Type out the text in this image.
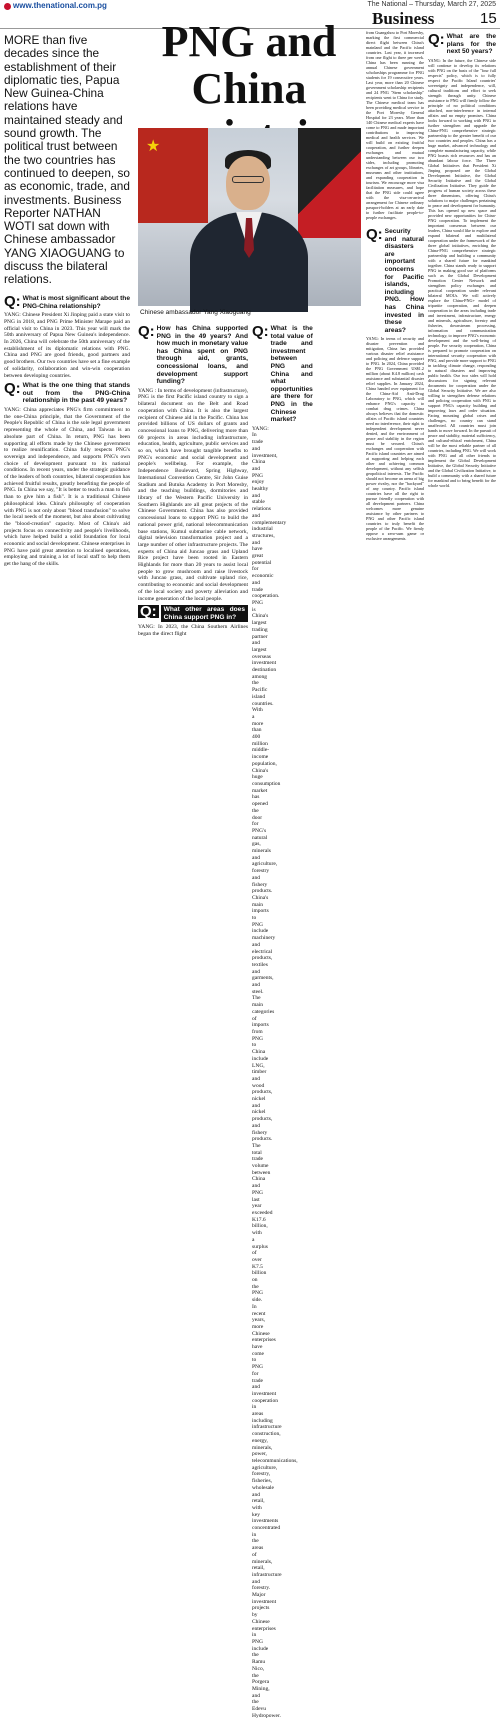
www.thenational.com.pg	The National – Thursday, March 27, 2025
Business	15
PNG and China
MORE than five decades since the establishment of their diplomatic ties, Papua New Guinea-China relations have maintained steady and sound growth. The political trust between the two countries has continued to deepen, so as economic, trade, and investments. Business Reporter NATHAN WOTI sat down with Chinese ambassador YANG XIAOGUANG to discuss the bilateral relations.
★
Chinese ambassador Yang Xiaoguang
Q: What is most significant about the PNG-China relationship?

YANG: Chinese President Xi Jinping paid a state visit to PNG in 2018, and PNG Prime Minister Marape paid an official visit to China in 2023. This year will mark the 50th anniversary of Papua New Guinea's independence. In 2026, China will celebrate the 50th anniversary of the establishment of its diplomatic relations with PNG. China and PNG are good friends, good partners and good brothers. Our two countries have set a fine example of solidarity, collaboration and win-win cooperation between developing countries.

Q: What is the one thing that stands out from the PNG-China relationship in the past 49 years?

YANG: China appreciates PNG's firm commitment to the one-China principle, that the Government of the People's Republic of China is the sole legal government representing the whole of China, and Taiwan is an absolute part of China. In return, PNG has been supporting all efforts made by the Chinese government to realize reunification. China fully respects PNG's sovereign and independence, and supports PNG's own choice of development pursuant to its national conditions. In recent years, under the strategic guidance of the leaders of both countries, bilateral cooperation has achieved fruitful results, greatly benefiting the people of PNG. In China we say, "It is better to teach a man to fish than to give him a fish". It is a traditional Chinese philosophical idea. China's philosophy of cooperation with PNG is not only about "blood transfusion" to solve the local needs of the moment, but also about cultivating the "blood-creation" capacity. Most of China's aid projects focus on connectivity and people's livelihoods, which have helped build a solid foundation for local economic and social development. Chinese enterprises in PNG have paid great attention to localised operations, employing and training a lot of local staff to help them get the hang of the skills.

Q: How has China supported PNG in the 49 years? And how much in monetary value has China spent on PNG through aid, grants, concessional loans, and development support funding?

YANG : In terms of development (infrastructure), PNG is the first Pacific island country to sign a bilateral document on the Belt and Road cooperation with China. It is also the largest recipient of Chinese aid in the Pacific. China has provided billions of US dollars of grants and concessional loans to PNG, delivering more than 60 projects in areas including infrastructure, education, health, agriculture, public services and so on, which have brought tangible benefits to PNG's economic and social development and people's wellbeing. For example, the Independence Boulevard, Spring Highway, International Convention Centre, Sir John Guise Stadium and Butuka Academy in Port Moresby, and the teaching buildings, dormitories and library of the Western Pacific University in Southern Highlands are all great projects of the Chinese Government. China has also provided concessional loans to support PNG to build the national power grid, national telecommunication base stations, Kumul submarine cable network, digital television transformation project and a large number of other infrastructure projects. The experts of China aid Juncao grass and Upland Rice project have been rooted in Eastern Highlands for more than 20 years to assist local people to grow mushroom and raise livestock with Juncao grass, and cultivate upland rice, contributing to economic and social development of the local society and poverty alleviation and income generation of the local people.

Q:	What other areas does China support PNG in?

YANG: In 2023, the China Southern Airlines began the direct flight

Q: What is the total value of trade and investment between PNG and China and what opportunities are there for PNG in the Chinese market?

YANG: In trade and investment, China and PNG enjoy healthy and stable relations and complementary industrial structures, and have great potential for economic and trade cooperation. PNG is China's largest trading partner and largest overseas investment destination among the Pacific island countries. With a more than 400 million middle-income population, China's huge consumption market has opened the door for PNG's natural gas, minerals and agriculture, forestry and fishery products. China's main imports to PNG include machinery and electrical products, textiles and garments, and steel. The main categories of imports from PNG to China include LNG, timber and wood products, nickel and nickel products, and fishery products. The total trade volume between China and PNG last year exceeded K17.6 billion, with a surplus of over K7.5 billion on the PNG side. In recent years, more Chinese enterprises have come to PNG for trade and investment cooperation in areas including infrastructure construction, energy, minerals, power, telecommunications, agriculture, forestry, fisheries, wholesale and retail, with key investments concentrated in the areas of minerals, retail, infrastructure and forestry. Major investment projects by Chinese enterprises in PNG include the Ramu Nico, the Porgera Mining, and the Edevu Hydropower.

from Guangzhou to Port Moresby, marking the first commercial direct flight between China's mainland and the Pacific island countries. Last year, it increased from one flight to three per week. China has been running the annual Chinese government scholarships programme for PNG students for 19 consecutive years. Last year, more than 20 Chinese government scholarship recipients and 24 PNG "Stem scholarship" recipients went to China for study. The Chinese medical team has been providing medical service to the Port Moresby General Hospital for 23 years. More than 140 Chinese medical experts have come to PNG and made important contributions to improving medical and health services. We will build on existing fruitful cooperation, and further deepen exchanges and mutual understanding between our two sides, including promoting exchanges of art groups, libraries, museums and other institutions, and expanding cooperation in tourism. We encourage more visa facilitation measures, and hope that the PNG side could agree with the visa-on-arrival arrangement for Chinese ordinary passport-holders at an early date to further facilitate people-to-people exchanges.

Q: What are the plans for the next 50 years?

YANG: In the future, the Chinese side will continue to develop its relations with PNG on the basis of the "four full respects" policy, which is to fully respect the Pacific Island countries' sovereignty and independence, will, cultural traditions and effort to seek strength through unity. Chinese assistance to PNG will firmly follow the principle of no political conditions attached, non-interference in internal affairs and no empty promises. China looks forward to working with PNG to further strengthen and upgrade the China-PNG comprehensive strategic partnership to the greater benefit of our two countries and peoples. China has a huge market, advanced technology and complete manufacturing capacity, while PNG boasts rich resources and has an abundant labour force. The Three Global Initiatives that President Xi Jinping proposed are the Global Development Initiative, the Global Security Initiative and the Global Civilization Initiative. They guide the progress of human society across these three dimensions, offering China's solutions to major challenges pertaining to peace and development for humanity. This has opened up new space and provided new opportunities for China-PNG cooperation. To implement the important consensus between our leaders, China would like to explore and expand bilateral and multilateral cooperation under the framework of the three global initiatives, enriching the China-PNG comprehensive strategic partnership and building a community with a shared future for mankind together. China stands ready to support PNG in making good use of platforms such as the Global Development Promotion Center Network and strengthen policy exchanges and practical cooperation under relevant bilateral MOUs. We will actively explore the China-PNG+ model of tripartite cooperation, and deepen cooperation in the areas including trade and investment, infrastructure, energy and minerals, agriculture, forestry and fisheries, downstream processing, information and communication technology, to improve PNG's economic development and the well-being of people. For security cooperation, China is prepared to promote cooperation on international security cooperation with PNG, and provide more support to PNG in tackling climate change, responding to natural disasters and improving public health. Our two sides will hold discussions for signing relevant documents for cooperation under the Global Security Initiative. We are also willing to strengthen defense relations and policing cooperation with PNG to support PNG's capacity building and improving laws and order situation. Facing mounting global crises and challenges, no country can stand unaffected. All countries must join hands to move forward. In the pursuit of peace and stability, material sufficiency, and cultural-ethical enrichment, China will be the most reliable partner of all countries, including PNG. We will work with PNG and all other friends to implement the Global Development Initiative, the Global Security Initiative and the Global Civilization Initiative, to build a community with a shared future for mankind and to bring benefit for the whole world.

Q: Security and natural disasters are important concerns for Pacific islands, including PNG. How has China invested in these areas?

YANG: In terms of security and disaster prevention and mitigation, China has provided various disaster relief assistance and policing and defence support to PNG. In 2024, China provided the PNG Government US$1.2 million (about K4.8 million) cash assistance and substantial disaster relief supplies. In January 2024, China handed over equipment for the China-Aid Anti-Drug Laboratory to PNG, which will enhance PNG's capacity to combat drug crimes. China always believes that the domestic affairs of Pacific island countries need no interference, their right to independent development never denied, and the environment of peace and stability in the region must be secured. China's exchanges and cooperation with Pacific island countries are aimed at supporting and helping each other and achieving common development, without any selfish geopolitical interests. The Pacific should not become an arena of big power rivalry, nor the "backyard" of any country. Pacific island countries have all the right to pursue friendly cooperation with all development partners. China welcomes more genuine assistance by other partners to PNG and other Pacific island countries to truly benefit the people of the Pacific. We firmly oppose a zero-sum game or exclusive arrangements.
